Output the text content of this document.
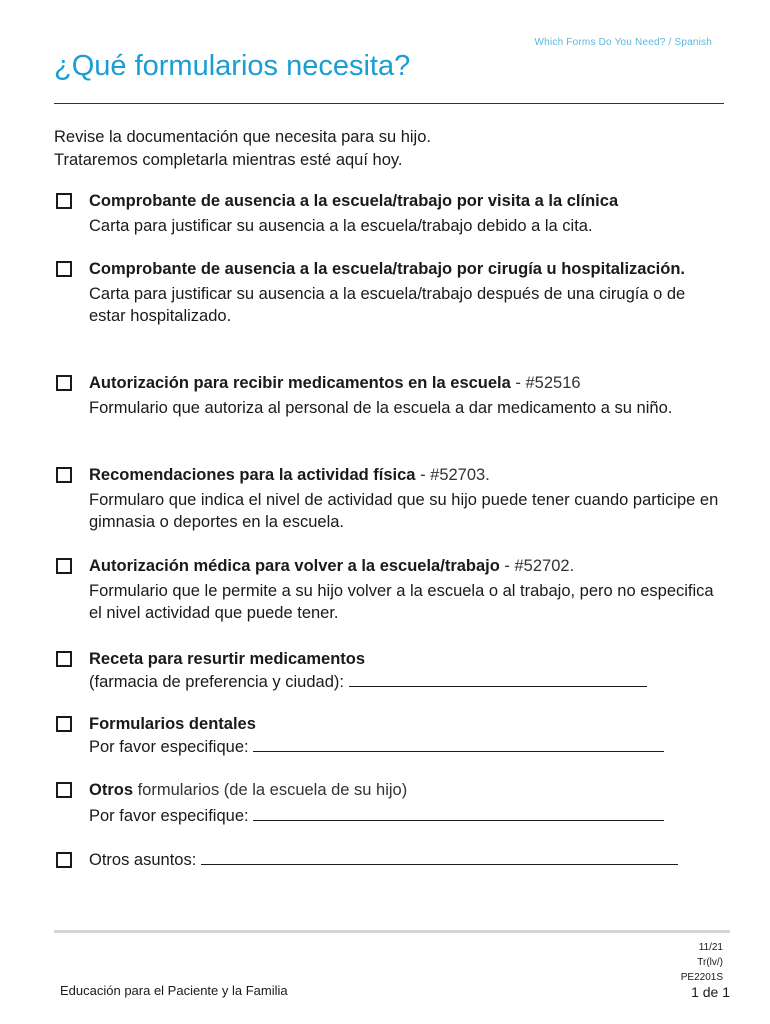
Which Forms Do You Need? / Spanish
¿Qué formularios necesita?
Revise la documentación que necesita para su hijo.
Trataremos completarla mientras esté aquí hoy.
Comprobante de ausencia a la escuela/trabajo por visita a la clínica
Carta para justificar su ausencia a la escuela/trabajo debido a la cita.
Comprobante de ausencia a la escuela/trabajo por cirugía u hospitalización.
Carta para justificar su ausencia a la escuela/trabajo después de una cirugía o de estar hospitalizado.
Autorización para recibir medicamentos en la escuela - #52516
Formulario que autoriza al personal de la escuela a dar medicamento a su niño.
Recomendaciones para la actividad física - #52703.
Formularo que indica el nivel de actividad que su hijo puede tener cuando participe en gimnasia o deportes en la escuela.
Autorización médica para volver a la escuela/trabajo - #52702.
Formulario que le permite a su hijo volver a la escuela o al trabajo, pero no especifica el nivel actividad que puede tener.
Receta para resurtir medicamentos
(farmacia de preferencia y ciudad):
Formularios dentales
Por favor especifique:
Otros formularios (de la escuela de su hijo)
Por favor especifique:
Otros asuntos:
11/21
Tr(lv/)
PE2201S
Educación para el Paciente y la Familia	1 de 1
